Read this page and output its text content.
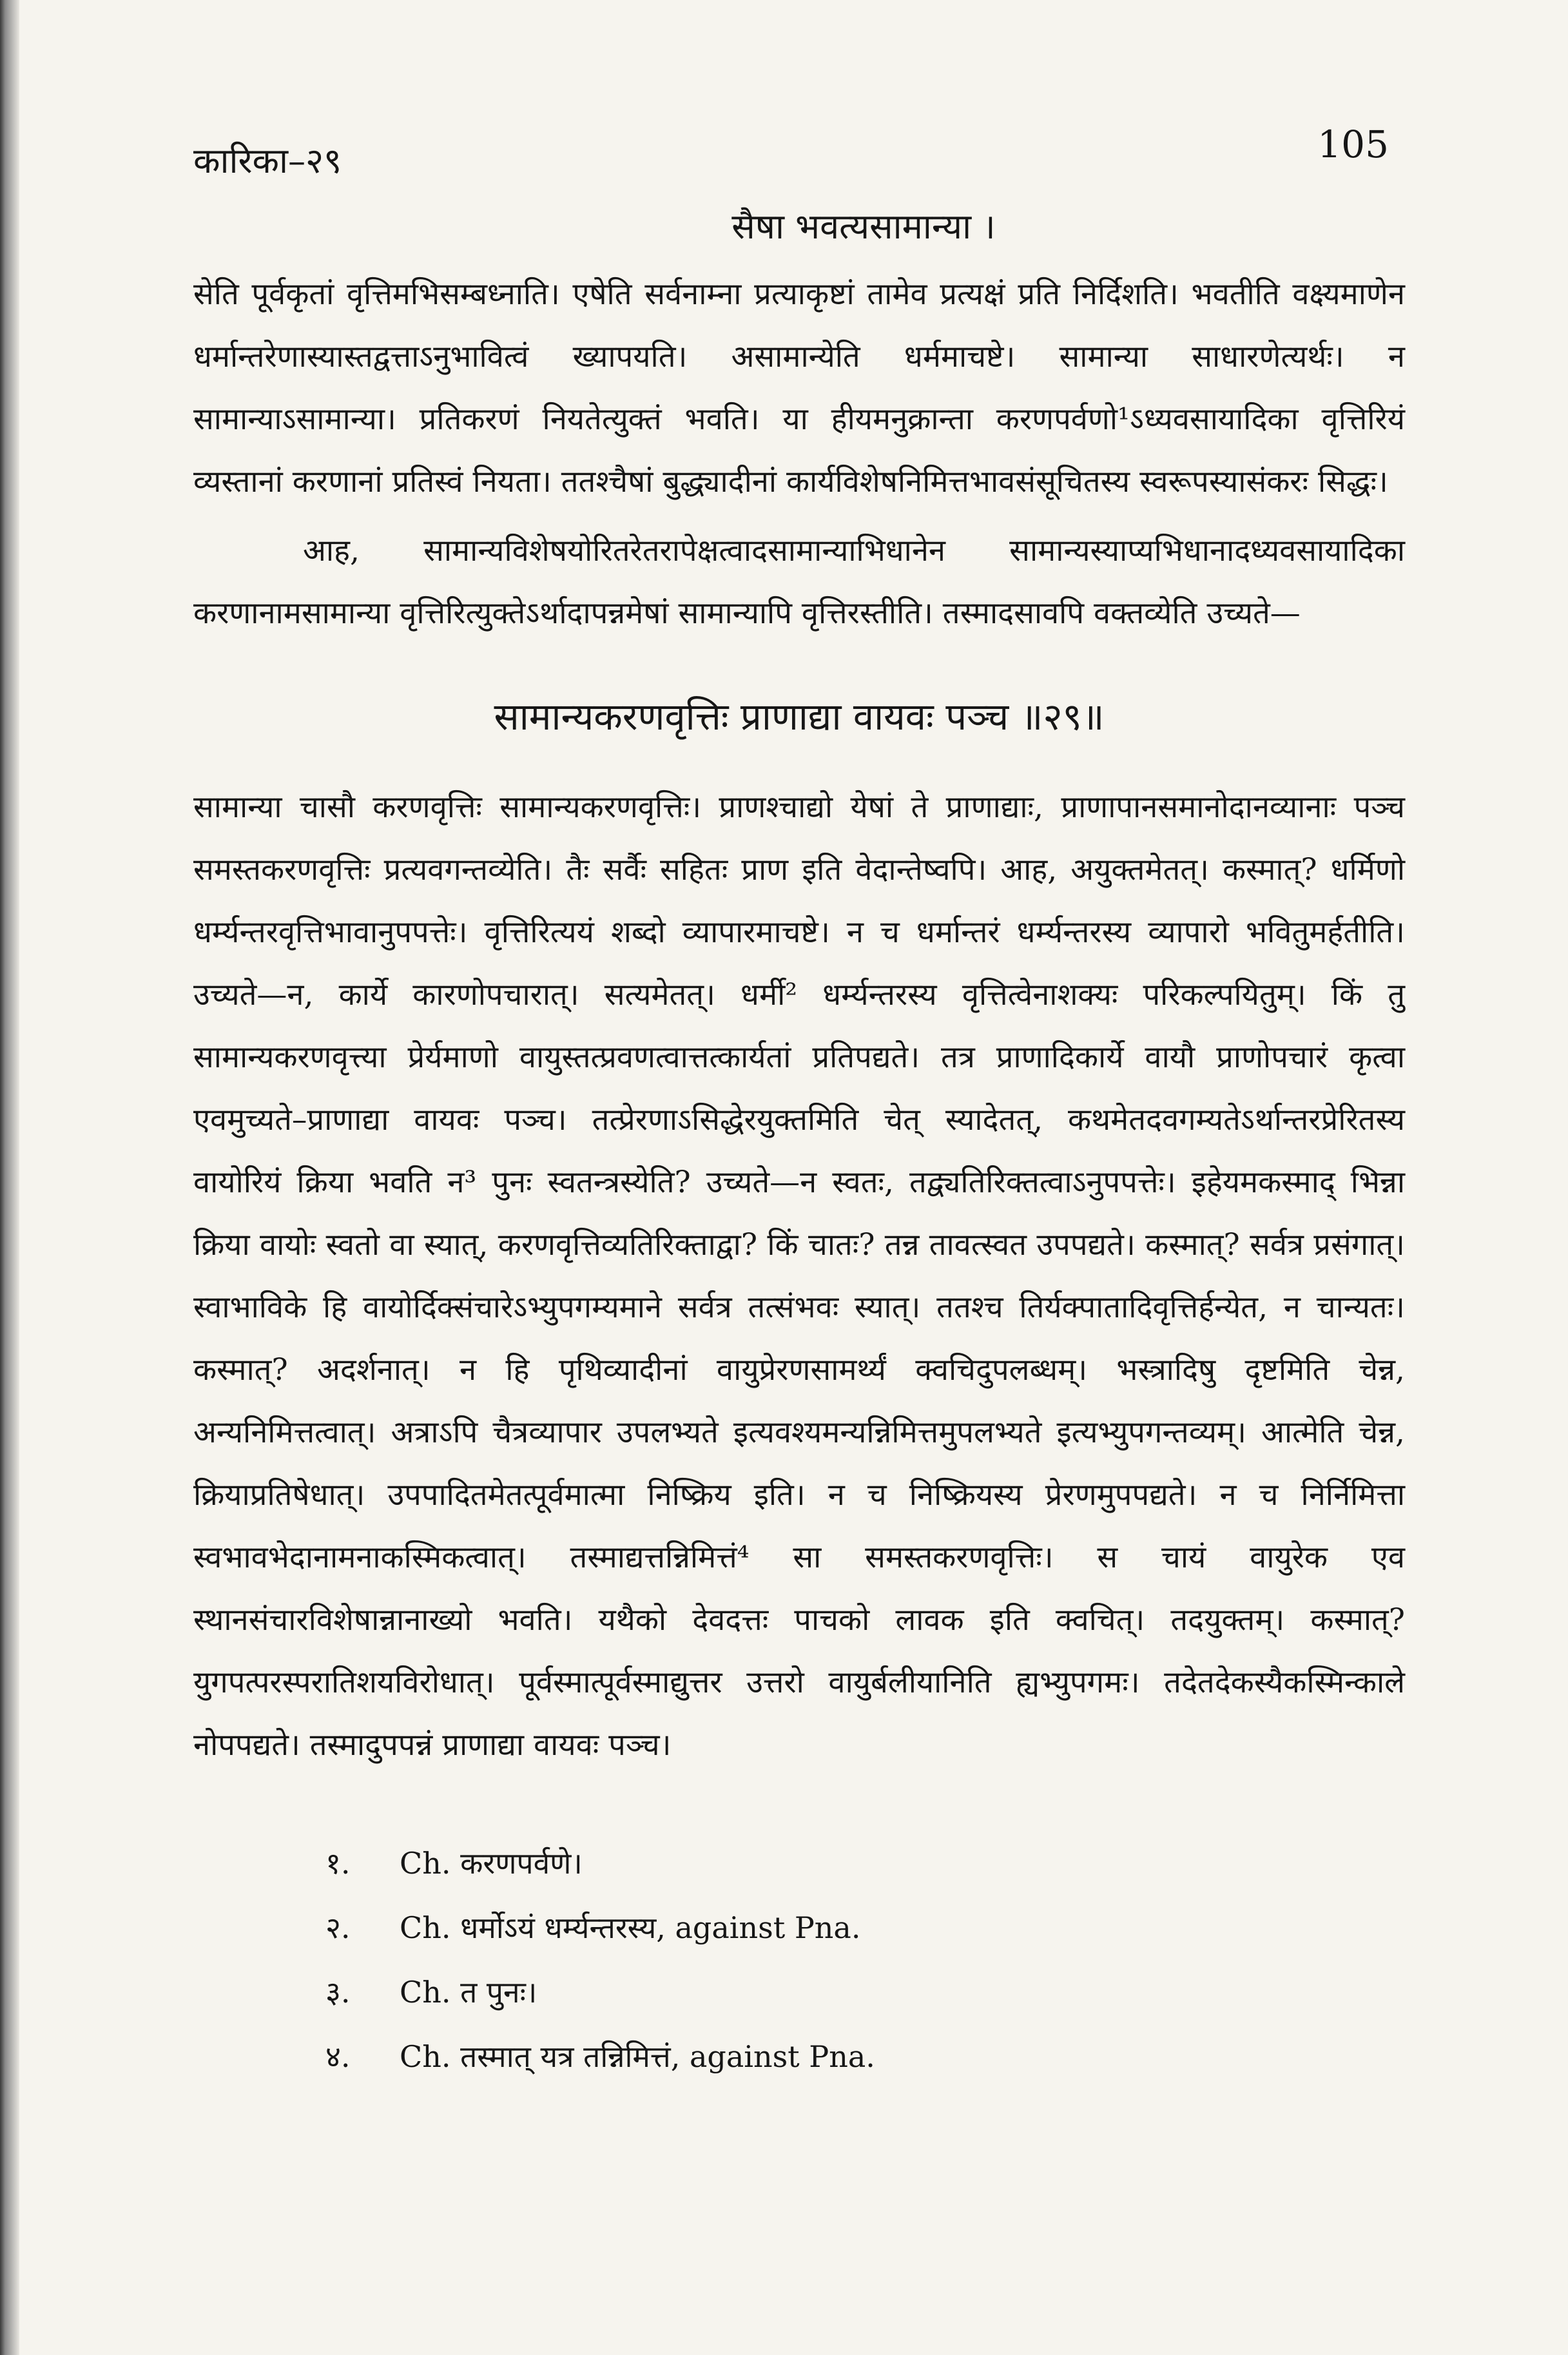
कारिका–२९	105
सैषा भवत्यसामान्या ।

सेति पूर्वकृतां वृत्तिमभिसम्बध्नाति। एषेति सर्वनाम्ना प्रत्याकृष्टां तामेव प्रत्यक्षं प्रति निर्दिशति। भवतीति वक्ष्यमाणेन धर्मान्तरेणास्यास्तद्वत्ताऽनुभावित्वं ख्यापयति। असामान्येति धर्ममाचष्टे। सामान्या साधारणेत्यर्थः। न सामान्याऽसामान्या। प्रतिकरणं नियतेत्युक्तं भवति। या हीयमनुक्रान्ता करणपर्वणो¹ऽध्यवसायादिका वृत्तिरियं व्यस्तानां करणानां प्रतिस्वं नियता। ततश्चैषां बुद्ध्यादीनां कार्यविशेषनिमित्तभावसंसूचितस्य स्वरूपस्यासंकरः सिद्धः।

आह, सामान्यविशेषयोरितरेतरापेक्षत्वादसामान्याभिधानेन सामान्यस्याप्यभिधानादध्यवसायादिका करणानामसामान्या वृत्तिरित्युक्तेऽर्थादापन्नमेषां सामान्यापि वृत्तिरस्तीति। तस्मादसावपि वक्तव्येति उच्यते—

सामान्यकरणवृत्तिः प्राणाद्या वायवः पञ्च ॥२९॥

सामान्या चासौ करणवृत्तिः सामान्यकरणवृत्तिः। प्राणश्चाद्यो येषां ते प्राणाद्याः, प्राणापानसमानोदानव्यानाः पञ्च समस्तकरणवृत्तिः प्रत्यवगन्तव्येति। तैः सर्वैः सहितः प्राण इति वेदान्तेष्वपि। आह, अयुक्तमेतत्। कस्मात्? धर्मिणो धर्म्यन्तरवृत्तिभावानुपपत्तेः। वृत्तिरित्ययं शब्दो व्यापारमाचष्टे। न च धर्मान्तरं धर्म्यन्तरस्य व्यापारो भवितुमर्हतीति। उच्यते—न, कार्ये कारणोपचारात्। सत्यमेतत्। धर्मी² धर्म्यन्तरस्य वृत्तित्वेनाशक्यः परिकल्पयितुम्। किं तु सामान्यकरणवृत्त्या प्रेर्यमाणो वायुस्तत्प्रवणत्वात्तत्कार्यतां प्रतिपद्यते। तत्र प्राणादिकार्ये वायौ प्राणोपचारं कृत्वा एवमुच्यते–प्राणाद्या वायवः पञ्च। तत्प्रेरणाऽसिद्धेरयुक्तमिति चेत् स्यादेतत्, कथमेतदवगम्यतेऽर्थान्तरप्रेरितस्य वायोरियं क्रिया भवति न³ पुनः स्वतन्त्रस्येति? उच्यते—न स्वतः, तद्व्यतिरिक्तत्वाऽनुपपत्तेः। इहेयमकस्माद् भिन्ना क्रिया वायोः स्वतो वा स्यात्, करणवृत्तिव्यतिरिक्ताद्वा? किं चातः? तन्न तावत्स्वत उपपद्यते। कस्मात्? सर्वत्र प्रसंगात्। स्वाभाविके हि वायोर्दिक्संचारेऽभ्युपगम्यमाने सर्वत्र तत्संभवः स्यात्। ततश्च तिर्यक्पातादिवृत्तिर्हन्येत, न चान्यतः। कस्मात्? अदर्शनात्। न हि पृथिव्यादीनां वायुप्रेरणसामर्थ्यं क्वचिदुपलब्धम्। भस्त्रादिषु दृष्टमिति चेन्न, अन्यनिमित्तत्वात्। अत्राऽपि चैत्रव्यापार उपलभ्यते इत्यवश्यमन्यन्निमित्तमुपलभ्यते इत्यभ्युपगन्तव्यम्। आत्मेति चेन्न, क्रियाप्रतिषेधात्। उपपादितमेतत्पूर्वमात्मा निष्क्रिय इति। न च निष्क्रियस्य प्रेरणमुपपद्यते। न च निर्निमित्ता स्वभावभेदानामनाकस्मिकत्वात्। तस्माद्यत्तन्निमित्तं⁴ सा समस्तकरणवृत्तिः। स चायं वायुरेक एव स्थानसंचारविशेषान्नानाख्यो भवति। यथैको देवदत्तः पाचको लावक इति क्वचित्। तदयुक्तम्। कस्मात्? युगपत्परस्परातिशयविरोधात्। पूर्वस्मात्पूर्वस्माद्युत्तर उत्तरो वायुर्बलीयानिति ह्यभ्युपगमः। तदेतदेकस्यैकस्मिन्काले नोपपद्यते। तस्मादुपपन्नं प्राणाद्या वायवः पञ्च।

१. Ch. करणपर्वणे।
२. Ch. धर्मोऽयं धर्म्यन्तरस्य, against Pna.
३. Ch. त पुनः।
४. Ch. तस्मात् यत्र तन्निमित्तं, against Pna.
